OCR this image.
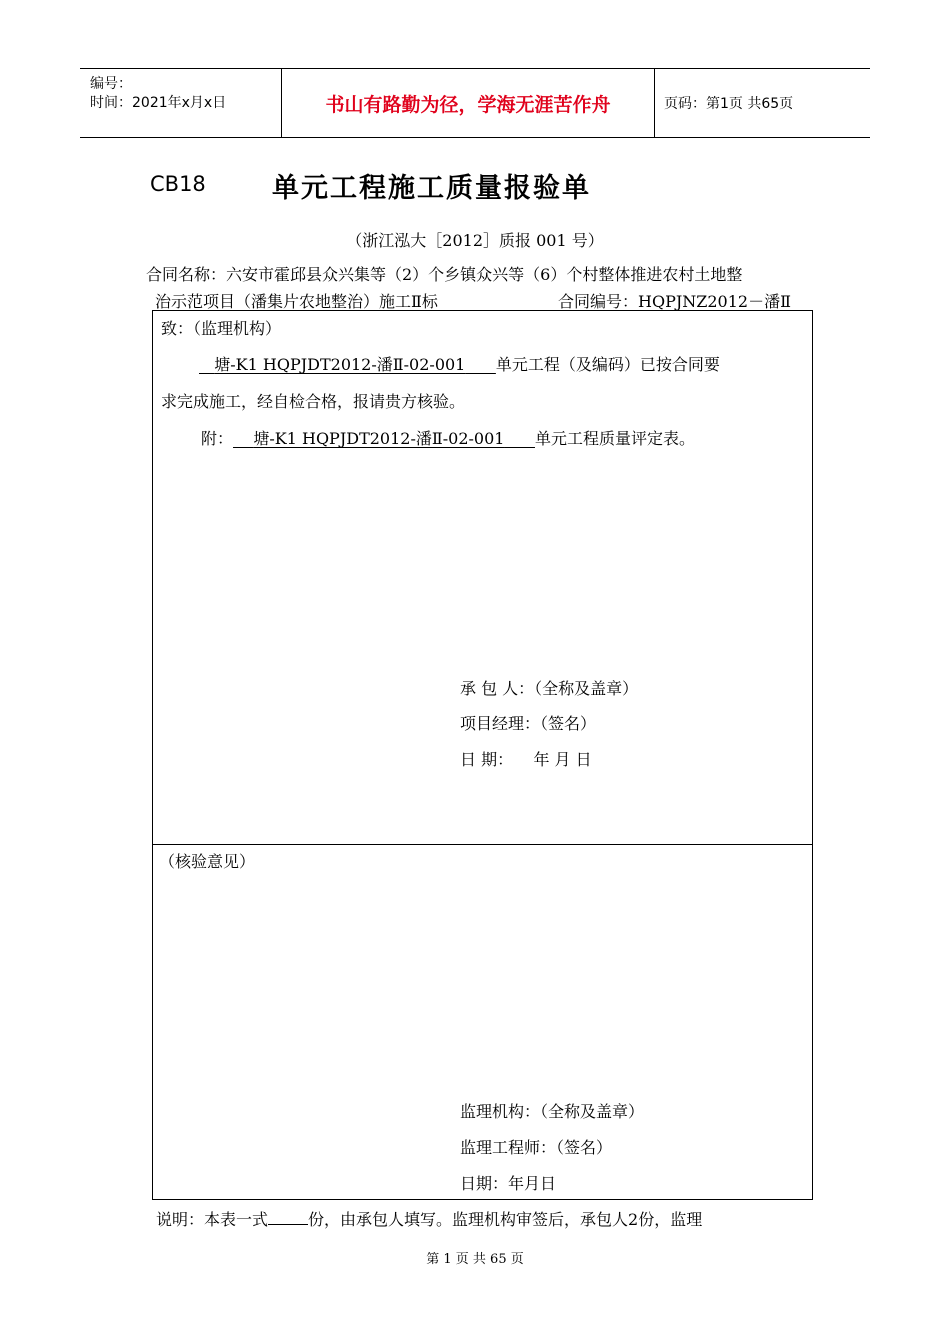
编号：
时间：2021年x月x日	书山有路勤为径，学海无涯苦作舟	页码：第1页 共65页
CB18 单元工程施工质量报验单
（浙江泓大［2012］质报 001 号）
合同名称：六安市霍邱县众兴集等（2）个乡镇众兴等（6）个村整体推进农村土地整
治示范项目（潘集片农地整治）施工Ⅱ标	合同编号：HQPJNZ2012－潘Ⅱ
致：（监理机构）
塘-K1 HQPJDT2012-潘Ⅱ-02-001 单元工程（及编码）已按合同要
求完成施工，经自检合格，报请贵方核验。
附： 塘-K1 HQPJDT2012-潘Ⅱ-02-001 单元工程质量评定表。
承 包 人：（全称及盖章）
项目经理：（签名）
日 期： 年 月 日
（核验意见）
监理机构：（全称及盖章）
监理工程师：（签名）
日期：年月日
说明：本表一式	份，由承包人填写。监理机构审签后，承包人2份，监理
第 1 页 共 65 页
